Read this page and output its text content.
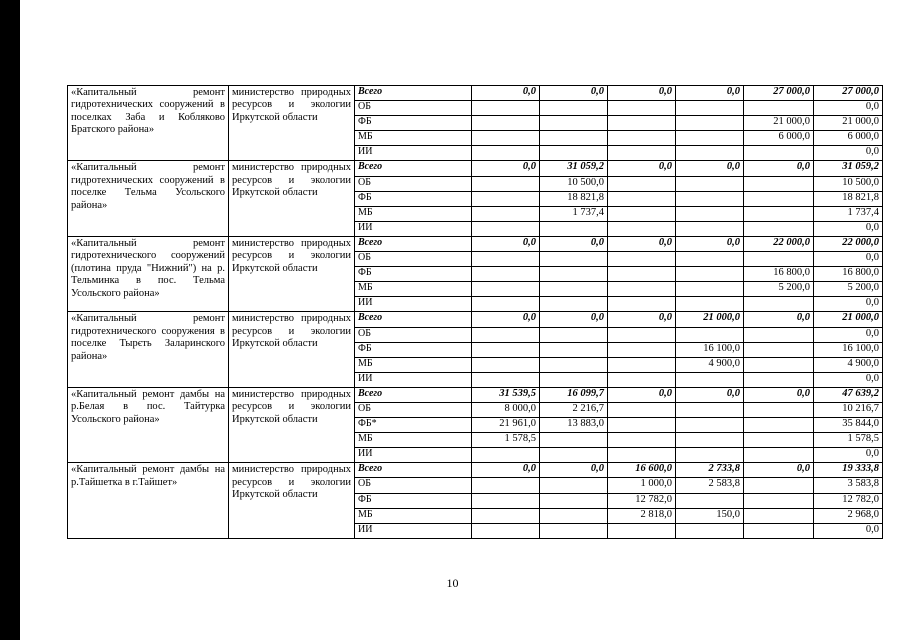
«Капитальный ремонт гидротехнических сооружений в поселках Заба и Кобляково Братского района»	министерство природных ресурсов и экологии Иркутской области	Всего	0,0	0,0	0,0	0,0	27 000,0	27 000,0
		ОБ						0,0
		ФБ					21 000,0	21 000,0
		МБ					6 000,0	6 000,0
		ИИ						0,0
«Капитальный ремонт гидротехнических сооружений в поселке Тельма Усольского района»	министерство природных ресурсов и экологии Иркутской области	Всего	0,0	31 059,2	0,0	0,0	0,0	31 059,2
		ОБ		10 500,0				10 500,0
		ФБ		18 821,8				18 821,8
		МБ		1 737,4				1 737,4
		ИИ						0,0
«Капитальный ремонт гидротехнического сооружений (плотина пруда "Нижний") на р. Тельминка в пос. Тельма Усольского района»	министерство природных ресурсов и экологии Иркутской области	Всего	0,0	0,0	0,0	0,0	22 000,0	22 000,0
		ОБ						0,0
		ФБ					16 800,0	16 800,0
		МБ					5 200,0	5 200,0
		ИИ						0,0
«Капитальный ремонт гидротехнического сооружения в поселке Тырєть Заларинского района»	министерство природных ресурсов и экологии Иркутской области	Всего	0,0	0,0	0,0	21 000,0	0,0	21 000,0
		ОБ						0,0
		ФБ				16 100,0		16 100,0
		МБ				4 900,0		4 900,0
		ИИ						0,0
«Капитальный ремонт дамбы на р.Белая в пос. Тайтурка Усольского района»	министерство природных ресурсов и экологии Иркутской области	Всего	31 539,5	16 099,7	0,0	0,0	0,0	47 639,2
		ОБ	8 000,0	2 216,7				10 216,7
		ФБ*	21 961,0	13 883,0				35 844,0
		МБ	1 578,5					1 578,5
		ИИ						0,0
«Капитальный ремонт дамбы на р.Тайшетка в г.Тайшет»	министерство природных ресурсов и экологии Иркутской области	Всего	0,0	0,0	16 600,0	2 733,8	0,0	19 333,8
		ОБ			1 000,0	2 583,8		3 583,8
		ФБ			12 782,0			12 782,0
		МБ			2 818,0	150,0		2 968,0
		ИИ						0,0
10
